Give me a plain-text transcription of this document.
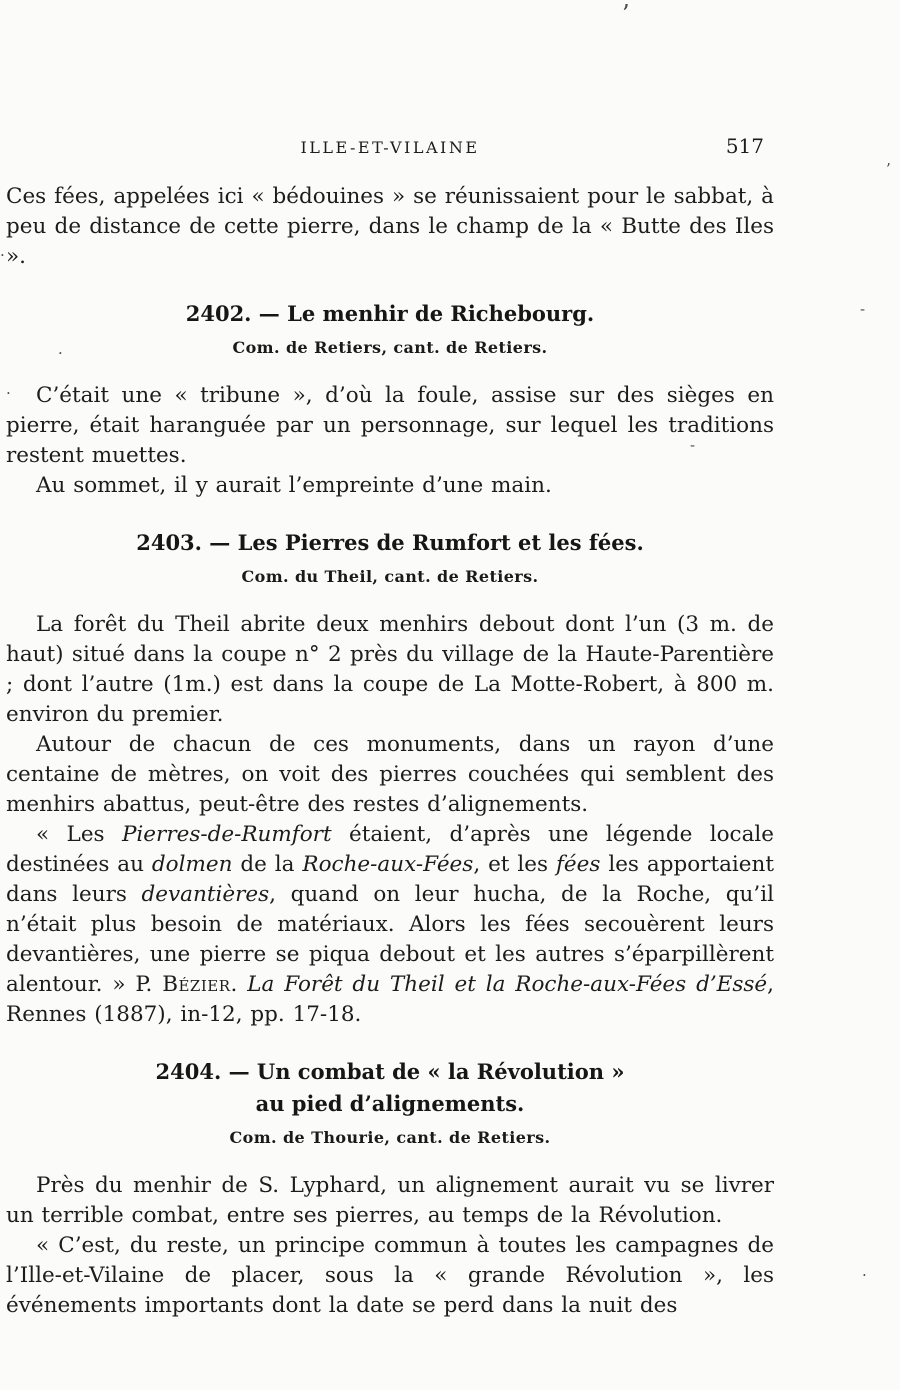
ILLE-ET-VILAINE	517

Ces fées, appelées ici « bédouines » se réunissaient pour le sabbat, à peu de distance de cette pierre, dans le champ de la « Butte des Iles ».

2402. — Le menhir de Richebourg.
Com. de Retiers, cant. de Retiers.

C’était une « tribune », d’où la foule, assise sur des sièges en pierre, était haranguée par un personnage, sur lequel les traditions restent muettes.

Au sommet, il y aurait l’empreinte d’une main.

2403. — Les Pierres de Rumfort et les fées.
Com. du Theil, cant. de Retiers.

La forêt du Theil abrite deux menhirs debout dont l’un (3 m. de haut) situé dans la coupe n° 2 près du village de la Haute-Parentière ; dont l’autre (1m.) est dans la coupe de La Motte-Robert, à 800 m. environ du premier.

Autour de chacun de ces monuments, dans un rayon d’une centaine de mètres, on voit des pierres couchées qui semblent des menhirs abattus, peut-être des restes d’alignements.

« Les Pierres-de-Rumfort étaient, d’après une légende locale destinées au dolmen de la Roche-aux-Fées, et les fées les apportaient dans leurs devantières, quand on leur hucha, de la Roche, qu’il n’était plus besoin de matériaux. Alors les fées secouèrent leurs devantières, une pierre se piqua debout et les autres s’éparpillèrent alentour. » P. Bézier. La Forêt du Theil et la Roche-aux-Fées d’Essé, Rennes (1887), in-12, pp. 17-18.

2404. — Un combat de « la Révolution »
au pied d’alignements.
Com. de Thourie, cant. de Retiers.

Près du menhir de S. Lyphard, un alignement aurait vu se livrer un terrible combat, entre ses pierres, au temps de la Révolution.

« C’est, du reste, un principe commun à toutes les campagnes de l’Ille-et-Vilaine de placer, sous la « grande Révolution », les événements importants dont la date se perd dans la nuit des

’
’
-
·
-
.
.
·
